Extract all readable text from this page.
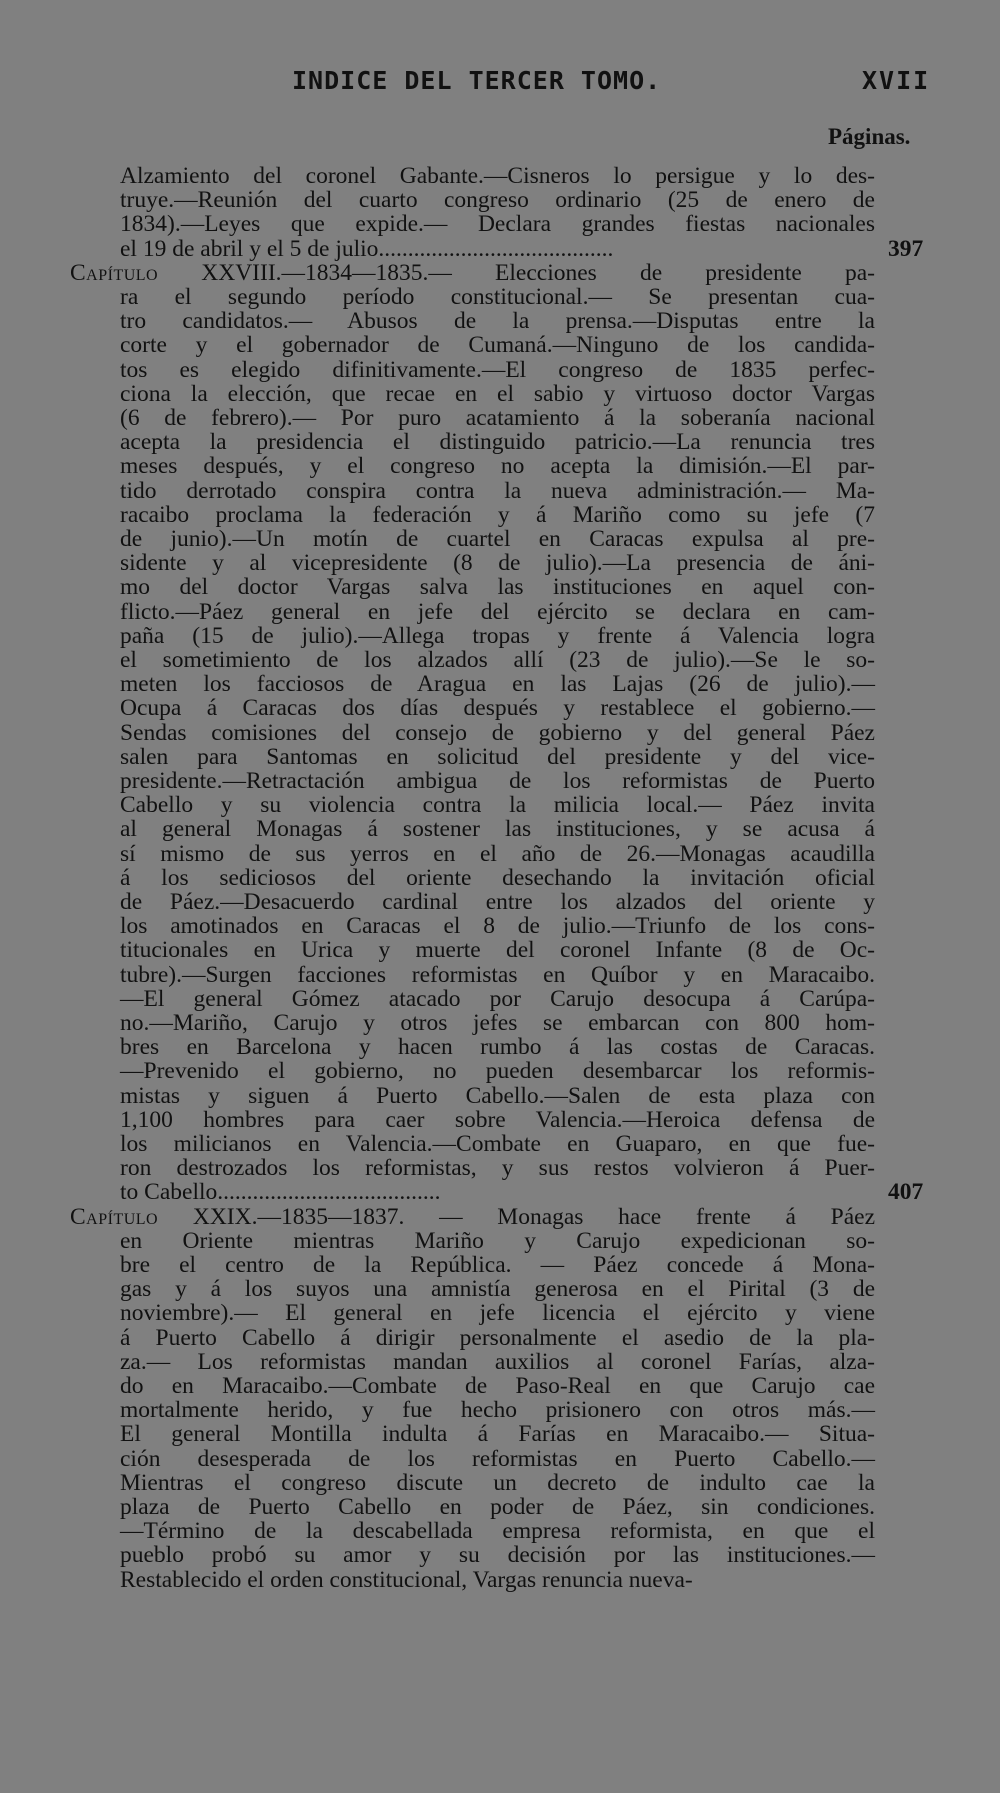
INDICE DEL TERCER TOMO.	XVII
Páginas.
Alzamiento del coronel Gabante.—Cisneros lo persigue y lo des-
truye.—Reunión del cuarto congreso ordinario (25 de enero de
1834).—Leyes que expide.— Declara grandes fiestas nacionales
el 19 de abril y el 5 de julio........................................	397
Capítulo XXVIII.—1834—1835.— Elecciones de presidente pa-
ra el segundo período constitucional.— Se presentan cua-
tro candidatos.— Abusos de la prensa.—Disputas entre la
corte y el gobernador de Cumaná.—Ninguno de los candida-
tos es elegido difinitivamente.—El congreso de 1835 perfec-
ciona la elección, que recae en el sabio y virtuoso doctor Vargas
(6 de febrero).— Por puro acatamiento á la soberanía nacional
acepta la presidencia el distinguido patricio.—La renuncia tres
meses después, y el congreso no acepta la dimisión.—El par-
tido derrotado conspira contra la nueva administración.— Ma-
racaibo proclama la federación y á Mariño como su jefe (7
de junio).—Un motín de cuartel en Caracas expulsa al pre-
sidente y al vicepresidente (8 de julio).—La presencia de áni-
mo del doctor Vargas salva las instituciones en aquel con-
flicto.—Páez general en jefe del ejército se declara en cam-
paña (15 de julio).—Allega tropas y frente á Valencia logra
el sometimiento de los alzados allí (23 de julio).—Se le so-
meten los facciosos de Aragua en las Lajas (26 de julio).—
Ocupa á Caracas dos días después y restablece el gobierno.—
Sendas comisiones del consejo de gobierno y del general Páez
salen para Santomas en solicitud del presidente y del vice-
presidente.—Retractación ambigua de los reformistas de Puerto
Cabello y su violencia contra la milicia local.— Páez invita
al general Monagas á sostener las instituciones, y se acusa á
sí mismo de sus yerros en el año de 26.—Monagas acaudilla
á los sediciosos del oriente desechando la invitación oficial
de Páez.—Desacuerdo cardinal entre los alzados del oriente y
los amotinados en Caracas el 8 de julio.—Triunfo de los cons-
titucionales en Urica y muerte del coronel Infante (8 de Oc-
tubre).—Surgen facciones reformistas en Quíbor y en Maracaibo.
—El general Gómez atacado por Carujo desocupa á Carúpa-
no.—Mariño, Carujo y otros jefes se embarcan con 800 hom-
bres en Barcelona y hacen rumbo á las costas de Caracas.
—Prevenido el gobierno, no pueden desembarcar los reformis-
mistas y siguen á Puerto Cabello.—Salen de esta plaza con
1,100 hombres para caer sobre Valencia.—Heroica defensa de
los milicianos en Valencia.—Combate en Guaparo, en que fue-
ron destrozados los reformistas, y sus restos volvieron á Puer-
to Cabello......................................	407
Capítulo XXIX.—1835—1837. — Monagas hace frente á Páez
en Oriente mientras Mariño y Carujo expedicionan so-
bre el centro de la República. — Páez concede á Mona-
gas y á los suyos una amnistía generosa en el Pirital (3 de
noviembre).— El general en jefe licencia el ejército y viene
á Puerto Cabello á dirigir personalmente el asedio de la pla-
za.— Los reformistas mandan auxilios al coronel Farías, alza-
do en Maracaibo.—Combate de Paso-Real en que Carujo cae
mortalmente herido, y fue hecho prisionero con otros más.—
El general Montilla indulta á Farías en Maracaibo.— Situa-
ción desesperada de los reformistas en Puerto Cabello.—
Mientras el congreso discute un decreto de indulto cae la
plaza de Puerto Cabello en poder de Páez, sin condiciones.
—Término de la descabellada empresa reformista, en que el
pueblo probó su amor y su decisión por las instituciones.—
Restablecido el orden constitucional, Vargas renuncia nueva-
